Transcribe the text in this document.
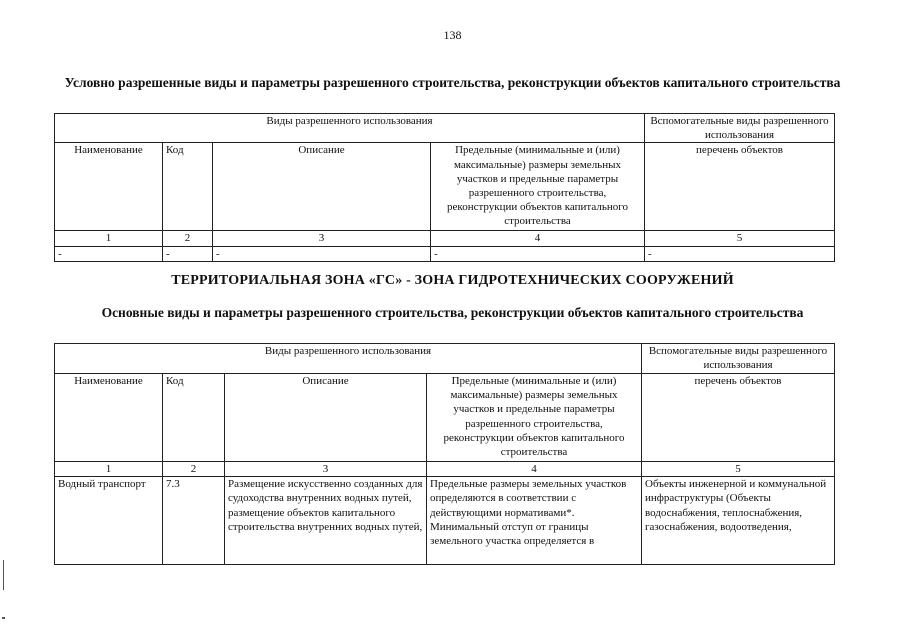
138
Условно разрешенные виды и параметры разрешенного строительства, реконструкции объектов капитального строительства
Виды разрешенного использования				Вспомогательные виды разрешенного использования
Наименование	Код	Описание	Предельные (минимальные и (или) максимальные) размеры земельных участков и предельные параметры разрешенного строительства, реконструкции объектов капитального строительства	перечень объектов
1	2	3	4	5
-	-	-	-	-
ТЕРРИТОРИАЛЬНАЯ ЗОНА «ГС» - ЗОНА ГИДРОТЕХНИЧЕСКИХ СООРУЖЕНИЙ
Основные виды и параметры разрешенного строительства, реконструкции объектов капитального строительства
Виды разрешенного использования				Вспомогательные виды разрешенного использования
Наименование	Код	Описание	Предельные (минимальные и (или) максимальные) размеры земельных участков и предельные параметры разрешенного строительства, реконструкции объектов капитального строительства	перечень объектов
1	2	3	4	5
Водный транспорт	7.3	Размещение искусственно созданных для судоходства внутренних водных путей, размещение объектов капитального строительства внутренних водных путей,	Предельные размеры земельных участков определяются в соответствии с действующими нормативами*. Минимальный отступ от границы земельного участка определяется в	Объекты инженерной и коммунальной инфраструктуры (Объекты водоснабжения, теплоснабжения, газоснабжения, водоотведения,
